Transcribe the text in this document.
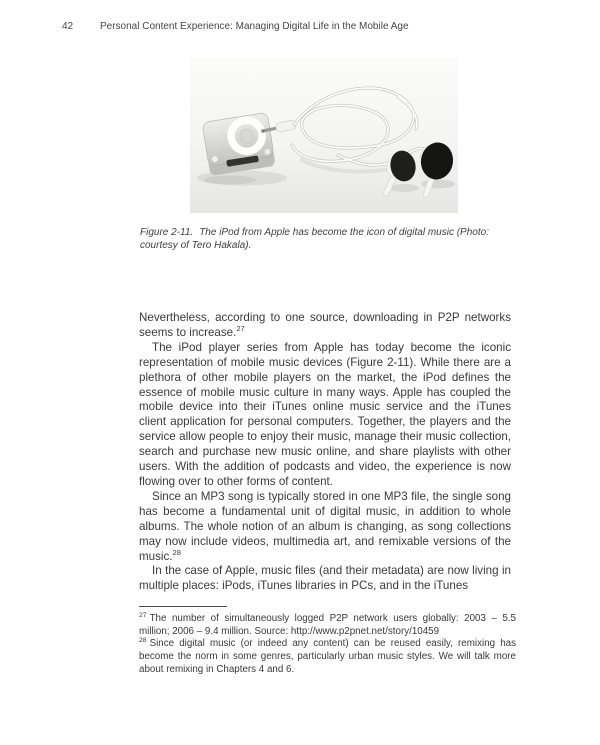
42	Personal Content Experience: Managing Digital Life in the Mobile Age

Figure 2-11. The iPod from Apple has become the icon of digital music (Photo: courtesy of Tero Hakala).

Nevertheless, according to one source, downloading in P2P networks seems to increase.$^{27}$

The iPod player series from Apple has today become the iconic representation of mobile music devices (Figure 2-11). While there are a plethora of other mobile players on the market, the iPod defines the essence of mobile music culture in many ways. Apple has coupled the mobile device into their iTunes online music service and the iTunes client application for personal computers. Together, the players and the service allow people to enjoy their music, manage their music collection, search and purchase new music online, and share playlists with other users. With the addition of podcasts and video, the experience is now flowing over to other forms of content.

Since an MP3 song is typically stored in one MP3 file, the single song has become a fundamental unit of digital music, in addition to whole albums. The whole notion of an album is changing, as song collections may now include videos, multimedia art, and remixable versions of the music.$^{28}$

In the case of Apple, music files (and their metadata) are now living in multiple places: iPods, iTunes libraries in PCs, and in the iTunes

$^{27}$ The number of simultaneously logged P2P network users globally: 2003 – 5.5 million; 2006 – 9.4 million. Source: http://www.p2pnet.net/story/10459

$^{28}$ Since digital music (or indeed any content) can be reused easily, remixing has become the norm in some genres, particularly urban music styles. We will talk more about remixing in Chapters 4 and 6.
